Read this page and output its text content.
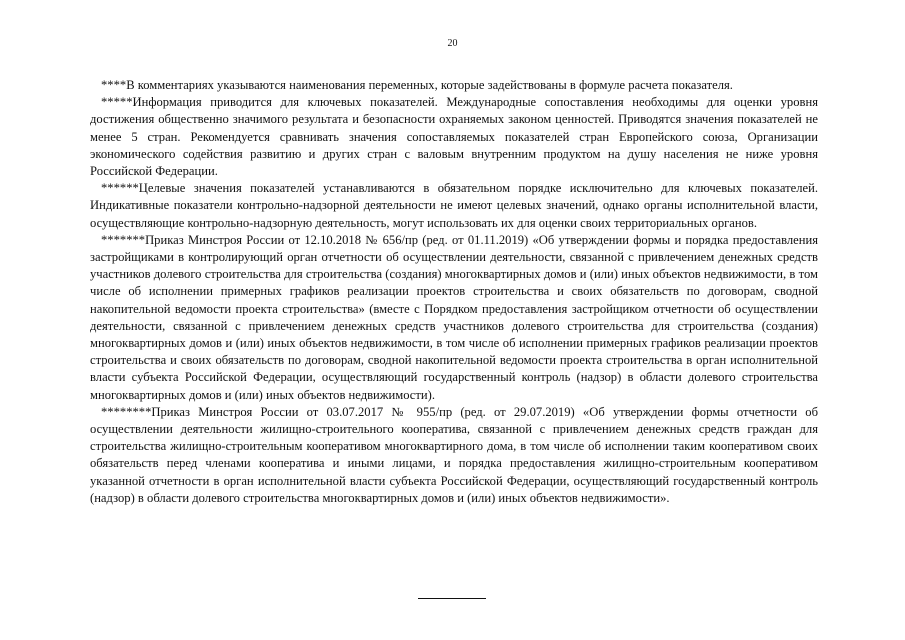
20

****В комментариях указываются наименования переменных, которые задействованы в формуле расчета показателя.

*****Информация приводится для ключевых показателей. Международные сопоставления необходимы для оценки уровня достижения общественно значимого результата и безопасности охраняемых законом ценностей. Приводятся значения показателей не менее 5 стран. Рекомендуется сравнивать значения сопоставляемых показателей стран Европейского союза, Организации экономического содействия развитию и других стран с валовым внутренним продуктом на душу населения не ниже уровня Российской Федерации.

******Целевые значения показателей устанавливаются в обязательном порядке исключительно для ключевых показателей. Индикативные показатели контрольно-надзорной деятельности не имеют целевых значений, однако органы исполнительной власти, осуществляющие контрольно-надзорную деятельность, могут использовать их для оценки своих территориальных органов.

*******Приказ Минстроя России от 12.10.2018 № 656/пр (ред. от 01.11.2019) «Об утверждении формы и порядка предоставления застройщиками в контролирующий орган отчетности об осуществлении деятельности, связанной с привлечением денежных средств участников долевого строительства для строительства (создания) многоквартирных домов и (или) иных объектов недвижимости, в том числе об исполнении примерных графиков реализации проектов строительства и своих обязательств по договорам, сводной накопительной ведомости проекта строительства» (вместе с Порядком предоставления застройщиком отчетности об осуществлении деятельности, связанной с привлечением денежных средств участников долевого строительства для строительства (создания) многоквартирных домов и (или) иных объектов недвижимости, в том числе об исполнении примерных графиков реализации проектов строительства и своих обязательств по договорам, сводной накопительной ведомости проекта строительства в орган исполнительной власти субъекта Российской Федерации, осуществляющий государственный контроль (надзор) в области долевого строительства многоквартирных домов и (или) иных объектов недвижимости).

********Приказ Минстроя России от 03.07.2017 № 955/пр (ред. от 29.07.2019) «Об утверждении формы отчетности об осуществлении деятельности жилищно-строительного кооператива, связанной с привлечением денежных средств граждан для строительства жилищно-строительным кооперативом многоквартирного дома, в том числе об исполнении таким кооперативом своих обязательств перед членами кооператива и иными лицами, и порядка предоставления жилищно-строительным кооперативом указанной отчетности в орган исполнительной власти субъекта Российской Федерации, осуществляющий государственный контроль (надзор) в области долевого строительства многоквартирных домов и (или) иных объектов недвижимости».
